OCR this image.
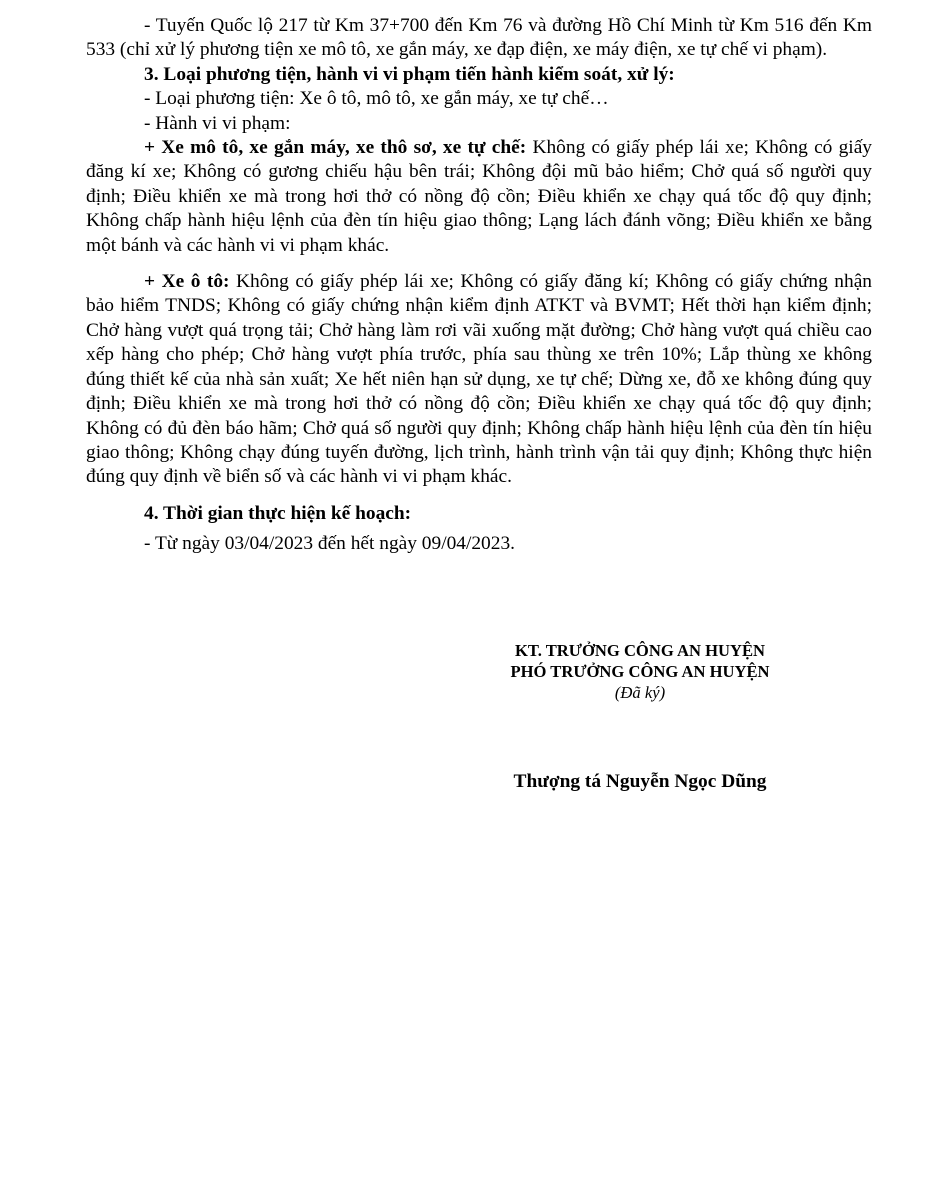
- Tuyến Quốc lộ 217 từ Km 37+700 đến Km 76 và đường Hồ Chí Minh từ Km 516 đến Km 533 (chỉ xử lý phương tiện xe mô tô, xe gắn máy, xe đạp điện, xe máy điện, xe tự chế vi phạm).

3. Loại phương tiện, hành vi vi phạm tiến hành kiểm soát, xử lý:

- Loại phương tiện: Xe ô tô, mô tô, xe gắn máy, xe tự chế…

- Hành vi vi phạm:

+ Xe mô tô, xe gắn máy, xe thô sơ, xe tự chế: Không có giấy phép lái xe; Không có giấy đăng kí xe; Không có gương chiếu hậu bên trái; Không đội mũ bảo hiểm; Chở quá số người quy định; Điều khiển xe mà trong hơi thở có nồng độ cồn; Điều khiển xe chạy quá tốc độ quy định; Không chấp hành hiệu lệnh của đèn tín hiệu giao thông; Lạng lách đánh võng; Điều khiển xe bằng một bánh và các hành vi vi phạm khác.

+ Xe ô tô: Không có giấy phép lái xe; Không có giấy đăng kí; Không có giấy chứng nhận bảo hiểm TNDS; Không có giấy chứng nhận kiểm định ATKT và BVMT; Hết thời hạn kiểm định; Chở hàng vượt quá trọng tải; Chở hàng làm rơi vãi xuống mặt đường; Chở hàng vượt quá chiều cao xếp hàng cho phép; Chở hàng vượt phía trước, phía sau thùng xe trên 10%; Lắp thùng xe không đúng thiết kế của nhà sản xuất; Xe hết niên hạn sử dụng, xe tự chế; Dừng xe, đỗ xe không đúng quy định; Điều khiển xe mà trong hơi thở có nồng độ cồn; Điều khiển xe chạy quá tốc độ quy định; Không có đủ đèn báo hãm; Chở quá số người quy định; Không chấp hành hiệu lệnh của đèn tín hiệu giao thông; Không chạy đúng tuyến đường, lịch trình, hành trình vận tải quy định; Không thực hiện đúng quy định về biển số và các hành vi vi phạm khác.

4. Thời gian thực hiện kế hoạch:

- Từ ngày 03/04/2023 đến hết ngày 09/04/2023.

KT. TRƯỞNG CÔNG AN HUYỆN
PHÓ TRƯỞNG CÔNG AN HUYỆN
(Đã ký)
Thượng tá Nguyễn Ngọc Dũng
